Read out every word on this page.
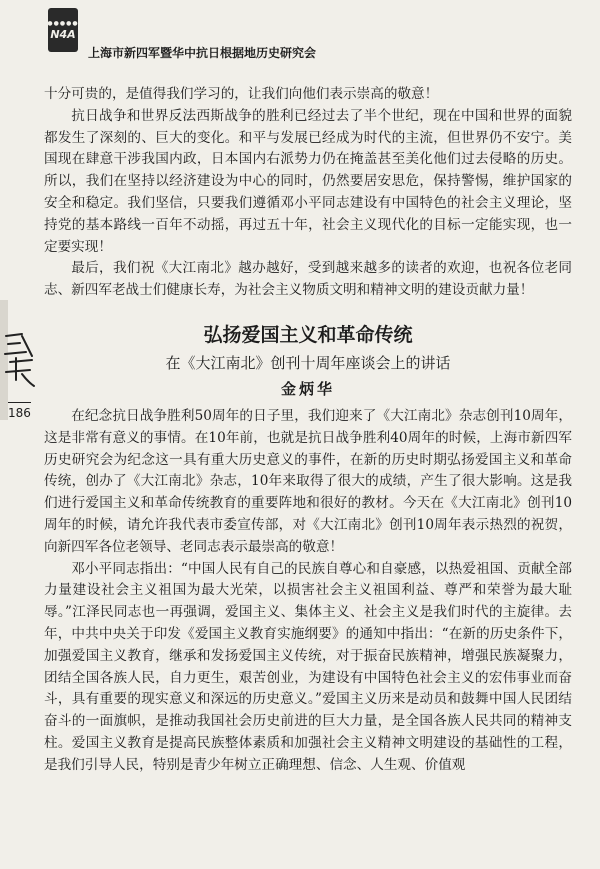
●●●●●
N4A
上海市新四军暨华中抗日根据地历史研究会
186

十分可贵的，是值得我们学习的，让我们向他们表示崇高的敬意！

抗日战争和世界反法西斯战争的胜利已经过去了半个世纪，现在中国和世界的面貌都发生了深刻的、巨大的变化。和平与发展已经成为时代的主流，但世界仍不安宁。美国现在肆意干涉我国内政，日本国内右派势力仍在掩盖甚至美化他们过去侵略的历史。所以，我们在坚持以经济建设为中心的同时，仍然要居安思危，保持警惕，维护国家的安全和稳定。我们坚信，只要我们遵循邓小平同志建设有中国特色的社会主义理论，坚持党的基本路线一百年不动摇，再过五十年，社会主义现代化的目标一定能实现，也一定要实现！

最后，我们祝《大江南北》越办越好，受到越来越多的读者的欢迎，也祝各位老同志、新四军老战士们健康长寿，为社会主义物质文明和精神文明的建设贡献力量！

弘扬爱国主义和革命传统
在《大江南北》创刊十周年座谈会上的讲话
金炳华

在纪念抗日战争胜利50周年的日子里，我们迎来了《大江南北》杂志创刊10周年，这是非常有意义的事情。在10年前，也就是抗日战争胜利40周年的时候，上海市新四军历史研究会为纪念这一具有重大历史意义的事件，在新的历史时期弘扬爱国主义和革命传统，创办了《大江南北》杂志，10年来取得了很大的成绩，产生了很大影响。这是我们进行爱国主义和革命传统教育的重要阵地和很好的教材。今天在《大江南北》创刊10周年的时候，请允许我代表市委宣传部，对《大江南北》创刊10周年表示热烈的祝贺，向新四军各位老领导、老同志表示最崇高的敬意！

邓小平同志指出：“中国人民有自己的民族自尊心和自豪感，以热爱祖国、贡献全部力量建设社会主义祖国为最大光荣，以损害社会主义祖国利益、尊严和荣誉为最大耻辱。”江泽民同志也一再强调，爱国主义、集体主义、社会主义是我们时代的主旋律。去年，中共中央关于印发《爱国主义教育实施纲要》的通知中指出：“在新的历史条件下，加强爱国主义教育，继承和发扬爱国主义传统，对于振奋民族精神，增强民族凝聚力，团结全国各族人民，自力更生，艰苦创业，为建设有中国特色社会主义的宏伟事业而奋斗，具有重要的现实意义和深远的历史意义。”爱国主义历来是动员和鼓舞中国人民团结奋斗的一面旗帜，是推动我国社会历史前进的巨大力量，是全国各族人民共同的精神支柱。爱国主义教育是提高民族整体素质和加强社会主义精神文明建设的基础性的工程，是我们引导人民，特别是青少年树立正确理想、信念、人生观、价值观
